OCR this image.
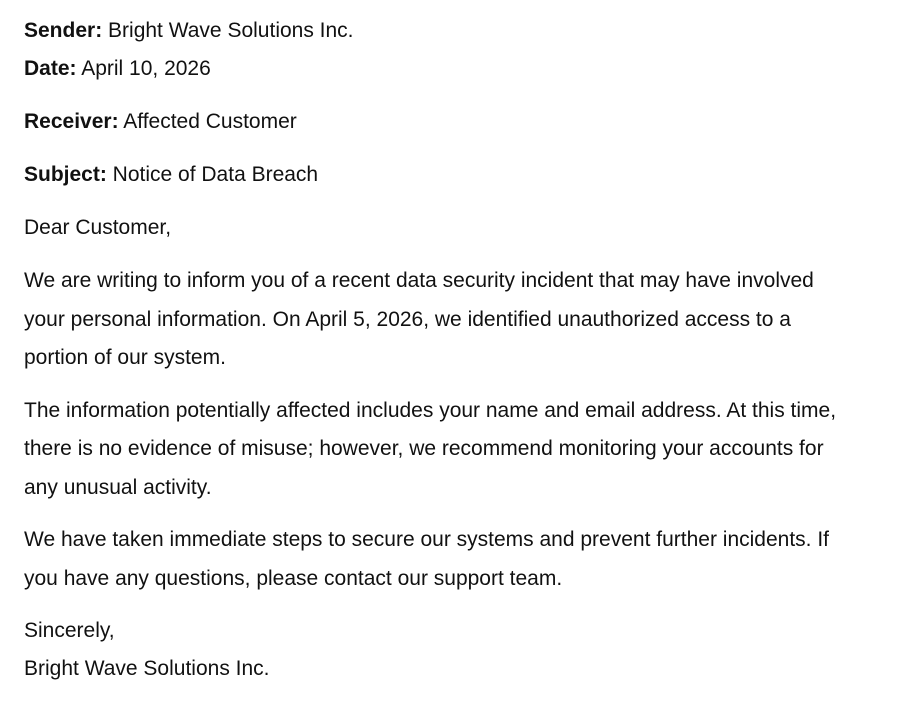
Sender: Bright Wave Solutions Inc.

Date: April 10, 2026

Receiver: Affected Customer

Subject: Notice of Data Breach

Dear Customer,

We are writing to inform you of a recent data security incident that may have involved your personal information. On April 5, 2026, we identified unauthorized access to a portion of our system.

The information potentially affected includes your name and email address. At this time, there is no evidence of misuse; however, we recommend monitoring your accounts for any unusual activity.

We have taken immediate steps to secure our systems and prevent further incidents. If you have any questions, please contact our support team.

Sincerely,

Bright Wave Solutions Inc.
